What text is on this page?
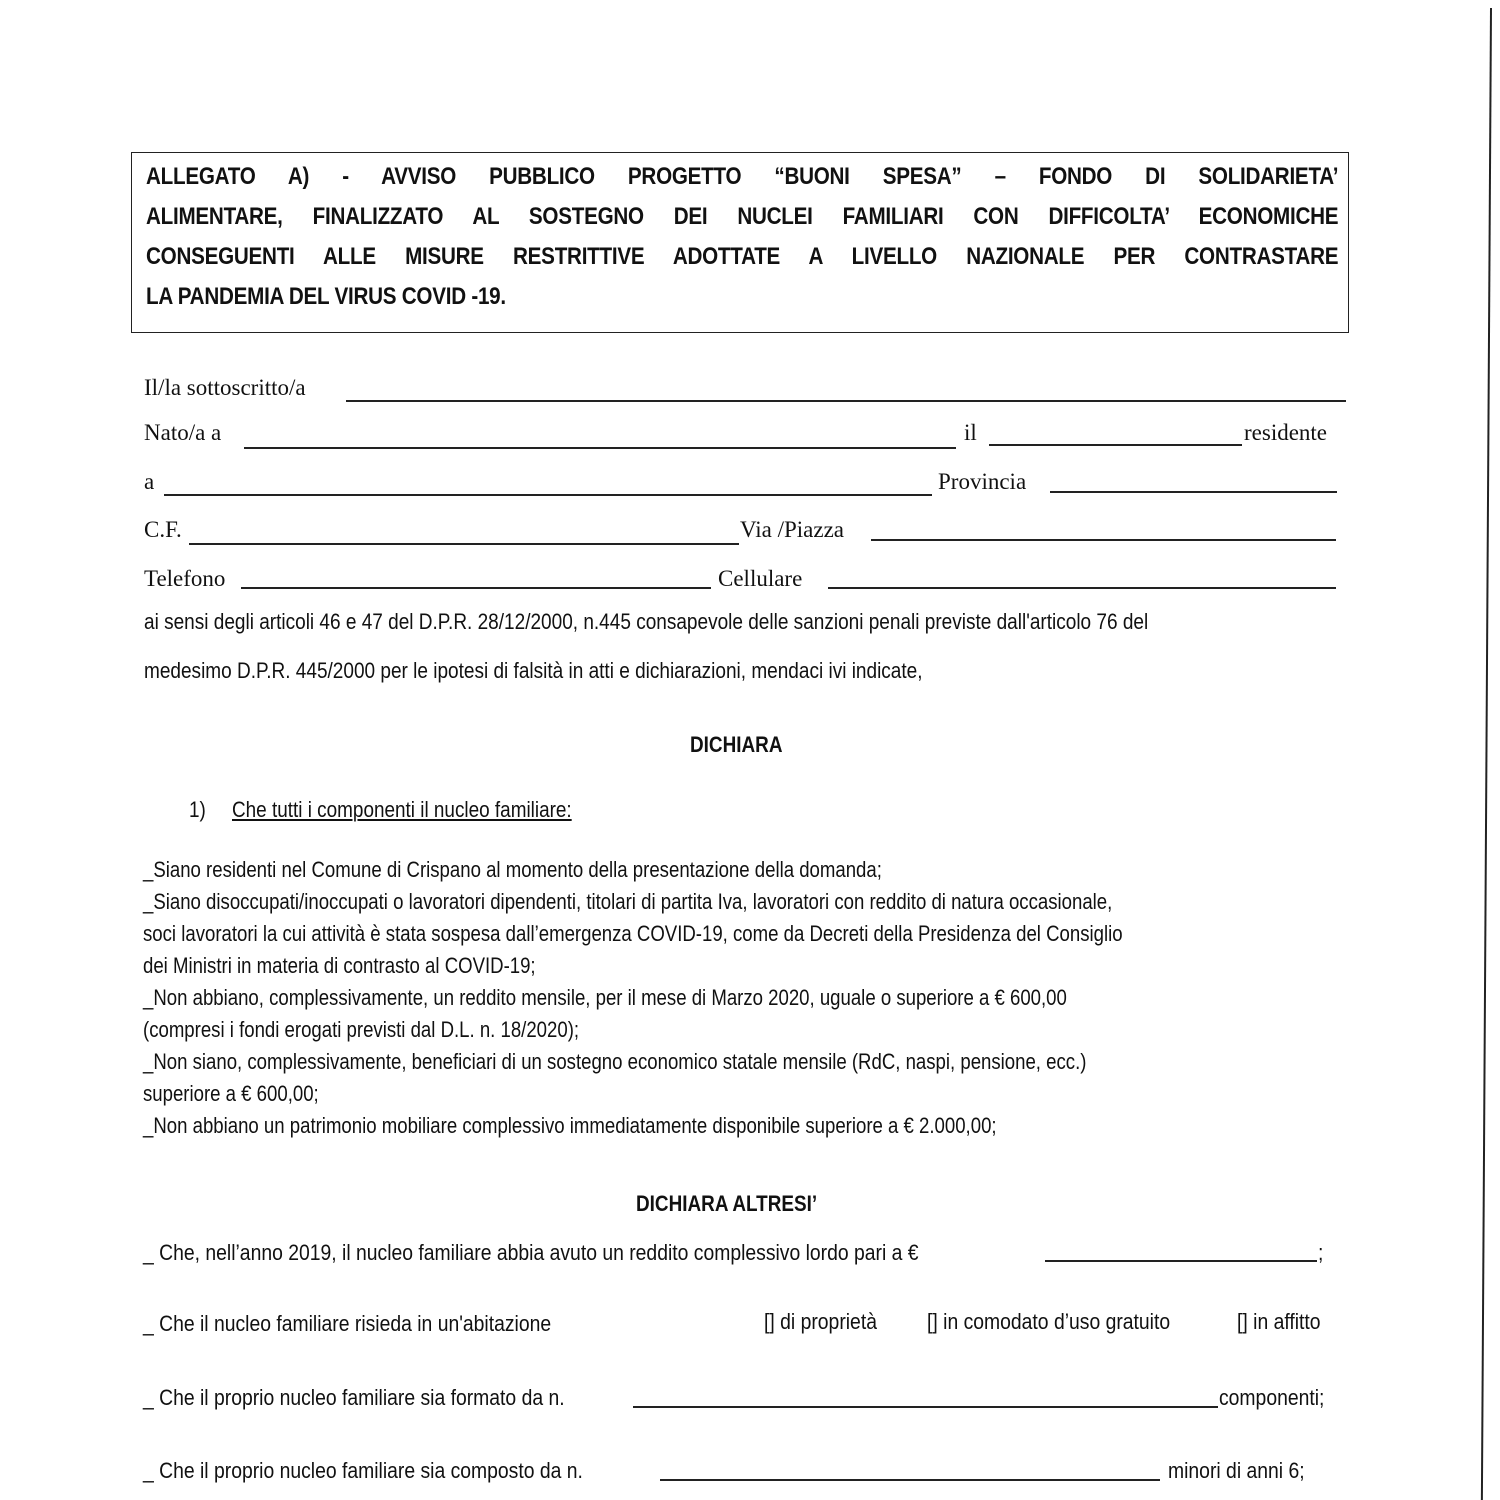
ALLEGATO A) - AVVISO PUBBLICO PROGETTO “BUONI SPESA” – FONDO DI SOLIDARIETA’
ALIMENTARE, FINALIZZATO AL SOSTEGNO DEI NUCLEI FAMILIARI CON DIFFICOLTA’ ECONOMICHE
CONSEGUENTI ALLE MISURE RESTRITTIVE ADOTTATE A LIVELLO NAZIONALE PER CONTRASTARE
LA PANDEMIA DEL VIRUS COVID -19.
Il/la sottoscritto/a
Nato/a a	il	residente
a	Provincia
C.F.	Via /Piazza
Telefono	Cellulare
ai sensi degli articoli 46 e 47 del D.P.R. 28/12/2000, n.445 consapevole delle sanzioni penali previste dall'articolo 76 del
medesimo D.P.R. 445/2000 per le ipotesi di falsità in atti e dichiarazioni, mendaci ivi indicate,
DICHIARA
1) Che tutti i componenti il nucleo familiare:
_Siano residenti nel Comune di Crispano al momento della presentazione della domanda;
_Siano disoccupati/inoccupati o lavoratori dipendenti, titolari di partita Iva, lavoratori con reddito di natura occasionale,
soci lavoratori la cui attività è stata sospesa dall’emergenza COVID-19, come da Decreti della Presidenza del Consiglio
dei Ministri in materia di contrasto al COVID-19;
_Non abbiano, complessivamente, un reddito mensile, per il mese di Marzo 2020, uguale o superiore a € 600,00
(compresi i fondi erogati previsti dal D.L. n. 18/2020);
_Non siano, complessivamente, beneficiari di un sostegno economico statale mensile (RdC, naspi, pensione, ecc.)
superiore a € 600,00;
_Non abbiano un patrimonio mobiliare complessivo immediatamente disponibile superiore a € 2.000,00;
DICHIARA ALTRESI’
_ Che, nell’anno 2019, il nucleo familiare abbia avuto un reddito complessivo lordo pari a €	;
_ Che il nucleo familiare risieda in un'abitazione	[] di proprietà [] in comodato d’uso gratuito	[] in affitto
_ Che il proprio nucleo familiare sia formato da n.	componenti;
_ Che il proprio nucleo familiare sia composto da n.	minori di anni 6;
